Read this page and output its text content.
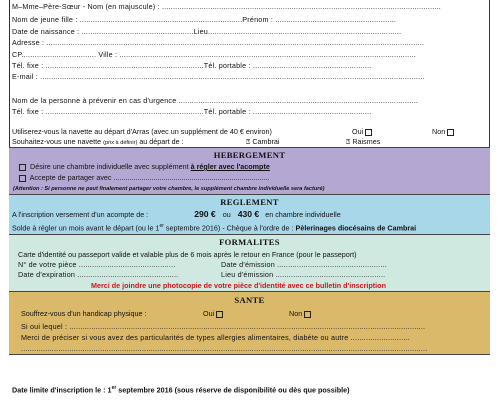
M–Mme–Père-Sœur - Nom (en majuscule) : ...............................................................................................................................
Nom de jeune fille : ..........................................................................Prénom : .......................................................
Date de naissance : ...................................................Lieu........................................................................................
Adresse : ............................................................................................................................................................................
CP.................................. Ville : .......................................................................................................................................
Tél. fixe : ........................................................................Tél. portable : ......................................................
E-mail : ...............................................................................................................................................................................
Nom de la personne à prévenir en cas d'urgence .............................................................................................................
Tél. fixe : ........................................................................Tél. portable : ......................................................
Utiliserez-vous la navette au départ d'Arras (avec un supplément de 40 € environ)	Oui	Non
Souhaitez-vous une navette (prix à définir) au départ de :	⍰ Cambrai	⍰ Raismes
HEBERGEMENT
Désire une chambre individuelle avec supplément à régler avec l'acompte
Accepte de partager avec ..............................................................................
(Attention : Si personne ne peut finalement partager votre chambre, le supplément chambre individuelle sera facturé)
REGLEMENT
A l'inscription versement d'un acompte de :	290 € ou 430 € en chambre individuelle
Solde à régler un mois avant le départ (ou le 1er septembre 2016) - Chèque à l'ordre de : Pèlerinages diocésains de Cambrai
FORMALITES
Carte d'identité ou passeport valide et valable plus de 6 mois après le retour en France (pour le passeport)
N° de votre pièce ............................................	Date d'émission ..................................................
Date d'expiration ..............................................	Lieu d'émission ..................................................
Merci de joindre une photocopie de votre pièce d'identité avec ce bulletin d'inscription
SANTE
Souffrez-vous d'un handicap physique :	Oui	Non
Si oui lequel : ..................................................................................................................................................................
Merci de préciser si vous avez des particularités de types allergies alimentaires, diabète ou autre ...........................
.........................................................................................................................................................................................
Date limite d'inscription le : 1er septembre 2016 (sous réserve de disponibilité ou dès que possible)
